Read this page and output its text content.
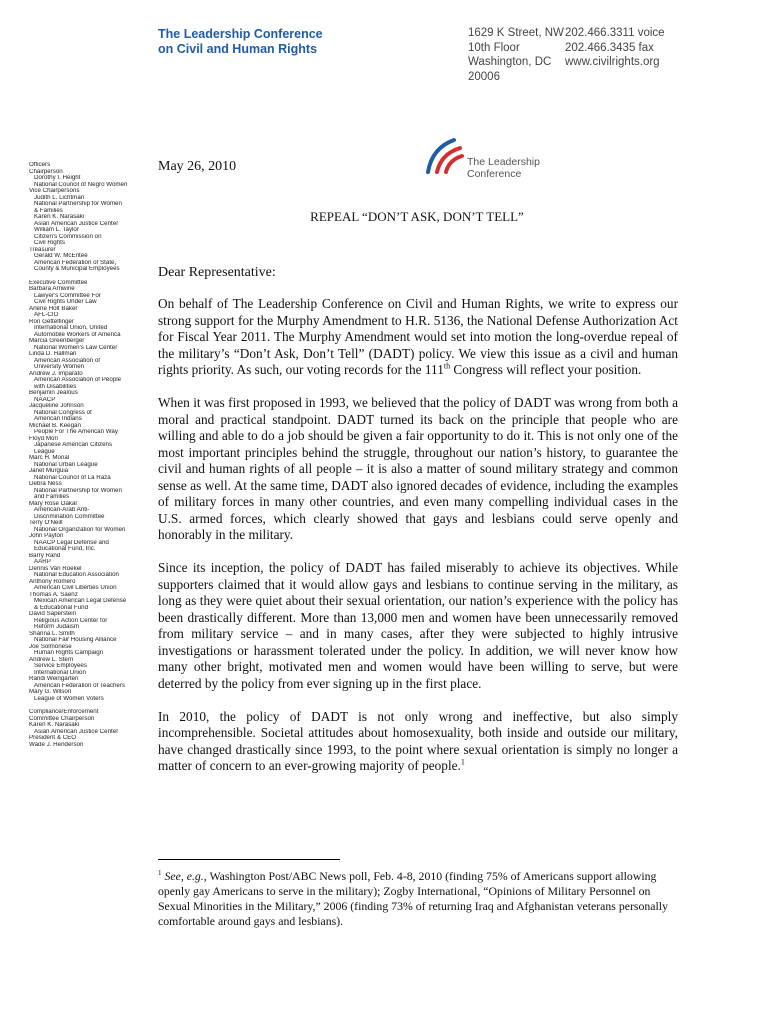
The Leadership Conference
on Civil and Human Rights
1629 K Street, NW
10th Floor
Washington, DC
20006
202.466.3311 voice
202.466.3435 fax
www.civilrights.org
The Leadership
Conference
Officers
Chairperson
Dorothy I. Height
National Council of Negro Women
Vice Chairpersons
Judith L. Lichtman
National Partnership for Women
& Families
Karen K. Narasaki
Asian American Justice Center
William L. Taylor
Citizen's Commission on
Civil Rights
Treasurer
Gerald W. McEntee
American Federation of State,
County & Municipal Employees
Executive Committee
Barbara Arnwine
Lawyer's Committee For
Civil Rights Under Law
Arlene Holt Baker
AFL-CIO
Ron Gettelfinger
International Union, United
Automobile Workers of America
Marcia Greenberger
National Women's Law Center
Linda D. Hallman
American Association of
University Women
Andrew J. Imparato
American Association of People
with Disabilities
Benjamin Jealous
NAACP
Jacqueline Johnson
National Congress of
American Indians
Michael B. Keegan
People For The American Way
Floyd Mori
Japanese American Citizens
League
Marc H. Morial
National Urban League
Janet Murguia
National Council of La Raza
Debra Ness
National Partnership for Women
and Families
Mary Rose Oakar
American-Arab Anti-
Discrimination Committee
Terry O'Neill
National Organization for Women
John Payton
NAACP Legal Defense and
Educational Fund, Inc.
Barry Rand
AARP
Dennis Van Roekel
National Education Association
Anthony Romero
American Civil Liberties Union
Thomas A. Saenz
Mexican American Legal Defense
& Educational Fund
David Saperstein
Religious Action Center for
Reform Judaism
Shanna L. Smith
National Fair Housing Alliance
Joe Solmonese
Human Rights Campaign
Andrew L. Stern
Service Employees
International Union
Randi Weingarten
American Federation of Teachers
Mary G. Wilson
League of Women Voters
Compliance/Enforcement
Committee Chairperson
Karen K. Narasaki
Asian American Justice Center
President & CEO
Wade J. Henderson
May 26, 2010
REPEAL “DON’T ASK, DON’T TELL”
Dear Representative:

On behalf of The Leadership Conference on Civil and Human Rights, we write to express our strong support for the Murphy Amendment to H.R. 5136, the National Defense Authorization Act for Fiscal Year 2011. The Murphy Amendment would set into motion the long-overdue repeal of the military’s “Don’t Ask, Don’t Tell” (DADT) policy. We view this issue as a civil and human rights priority. As such, our voting records for the 111th Congress will reflect your position.

When it was first proposed in 1993, we believed that the policy of DADT was wrong from both a moral and practical standpoint. DADT turned its back on the principle that people who are willing and able to do a job should be given a fair opportunity to do it. This is not only one of the most important principles behind the struggle, throughout our nation’s history, to guarantee the civil and human rights of all people – it is also a matter of sound military strategy and common sense as well. At the same time, DADT also ignored decades of evidence, including the examples of military forces in many other countries, and even many compelling individual cases in the U.S. armed forces, which clearly showed that gays and lesbians could serve openly and honorably in the military.

Since its inception, the policy of DADT has failed miserably to achieve its objectives. While supporters claimed that it would allow gays and lesbians to continue serving in the military, as long as they were quiet about their sexual orientation, our nation’s experience with the policy has been drastically different. More than 13,000 men and women have been unnecessarily removed from military service – and in many cases, after they were subjected to highly intrusive investigations or harassment tolerated under the policy. In addition, we will never know how many other bright, motivated men and women would have been willing to serve, but were deterred by the policy from ever signing up in the first place.

In 2010, the policy of DADT is not only wrong and ineffective, but also simply incomprehensible. Societal attitudes about homosexuality, both inside and outside our military, have changed drastically since 1993, to the point where sexual orientation is simply no longer a matter of concern to an ever-growing majority of people.$^1$

$^1$ See, e.g., Washington Post/ABC News poll, Feb. 4-8, 2010 (finding 75% of Americans support allowing openly gay Americans to serve in the military); Zogby International, “Opinions of Military Personnel on Sexual Minorities in the Military,” 2006 (finding 73% of returning Iraq and Afghanistan veterans personally comfortable around gays and lesbians).
